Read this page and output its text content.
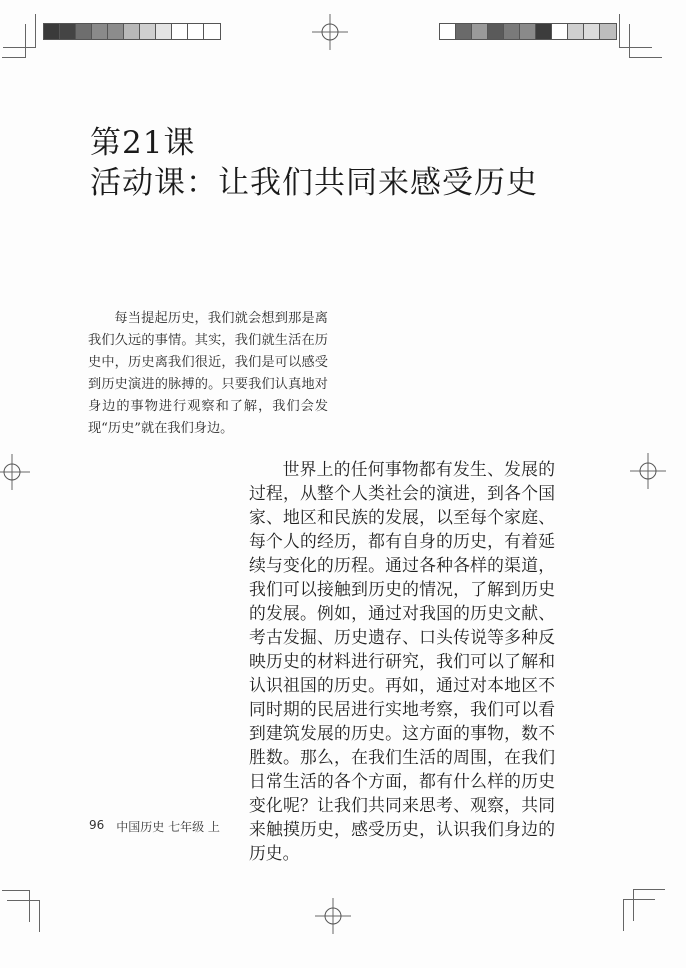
第21课
活动课：让我们共同来感受历史

每当提起历史，我们就会想到那是离我们久远的事情。其实，我们就生活在历史中，历史离我们很近，我们是可以感受到历史演进的脉搏的。只要我们认真地对身边的事物进行观察和了解，我们会发现“历史”就在我们身边。

世界上的任何事物都有发生、发展的过程，从整个人类社会的演进，到各个国家、地区和民族的发展，以至每个家庭、每个人的经历，都有自身的历史，有着延续与变化的历程。通过各种各样的渠道，我们可以接触到历史的情况，了解到历史的发展。例如，通过对我国的历史文献、考古发掘、历史遗存、口头传说等多种反映历史的材料进行研究，我们可以了解和认识祖国的历史。再如，通过对本地区不同时期的民居进行实地考察，我们可以看到建筑发展的历史。这方面的事物，数不胜数。那么，在我们生活的周围，在我们日常生活的各个方面，都有什么样的历史变化呢？让我们共同来思考、观察，共同来触摸历史，感受历史，认识我们身边的历史。

96 中国历史 七年级 上
